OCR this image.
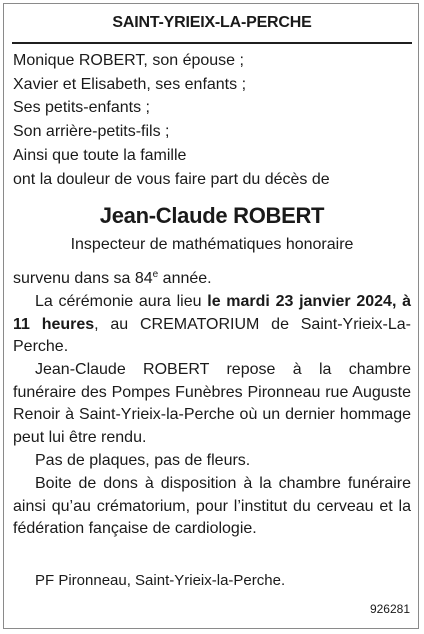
SAINT-YRIEIX-LA-PERCHE
Monique ROBERT, son épouse ;
Xavier et Elisabeth, ses enfants ;
Ses petits-enfants ;
Son arrière-petits-fils ;
Ainsi que toute la famille
ont la douleur de vous faire part du décès de
Jean-Claude ROBERT
Inspecteur de mathématiques honoraire
survenu dans sa 84e année.
La cérémonie aura lieu le mardi 23 janvier 2024, à 11 heures, au CREMATORIUM de Saint-Yrieix-La-Perche.
Jean-Claude ROBERT repose à la chambre funéraire des Pompes Funèbres Pironneau rue Auguste Renoir à Saint-Yrieix-la-Perche où un dernier hommage peut lui être rendu.
Pas de plaques, pas de fleurs.
Boite de dons à disposition à la chambre funéraire ainsi qu’au crématorium, pour l’institut du cerveau et la fédération fançaise de cardiologie.
PF Pironneau, Saint-Yrieix-la-Perche.
926281
